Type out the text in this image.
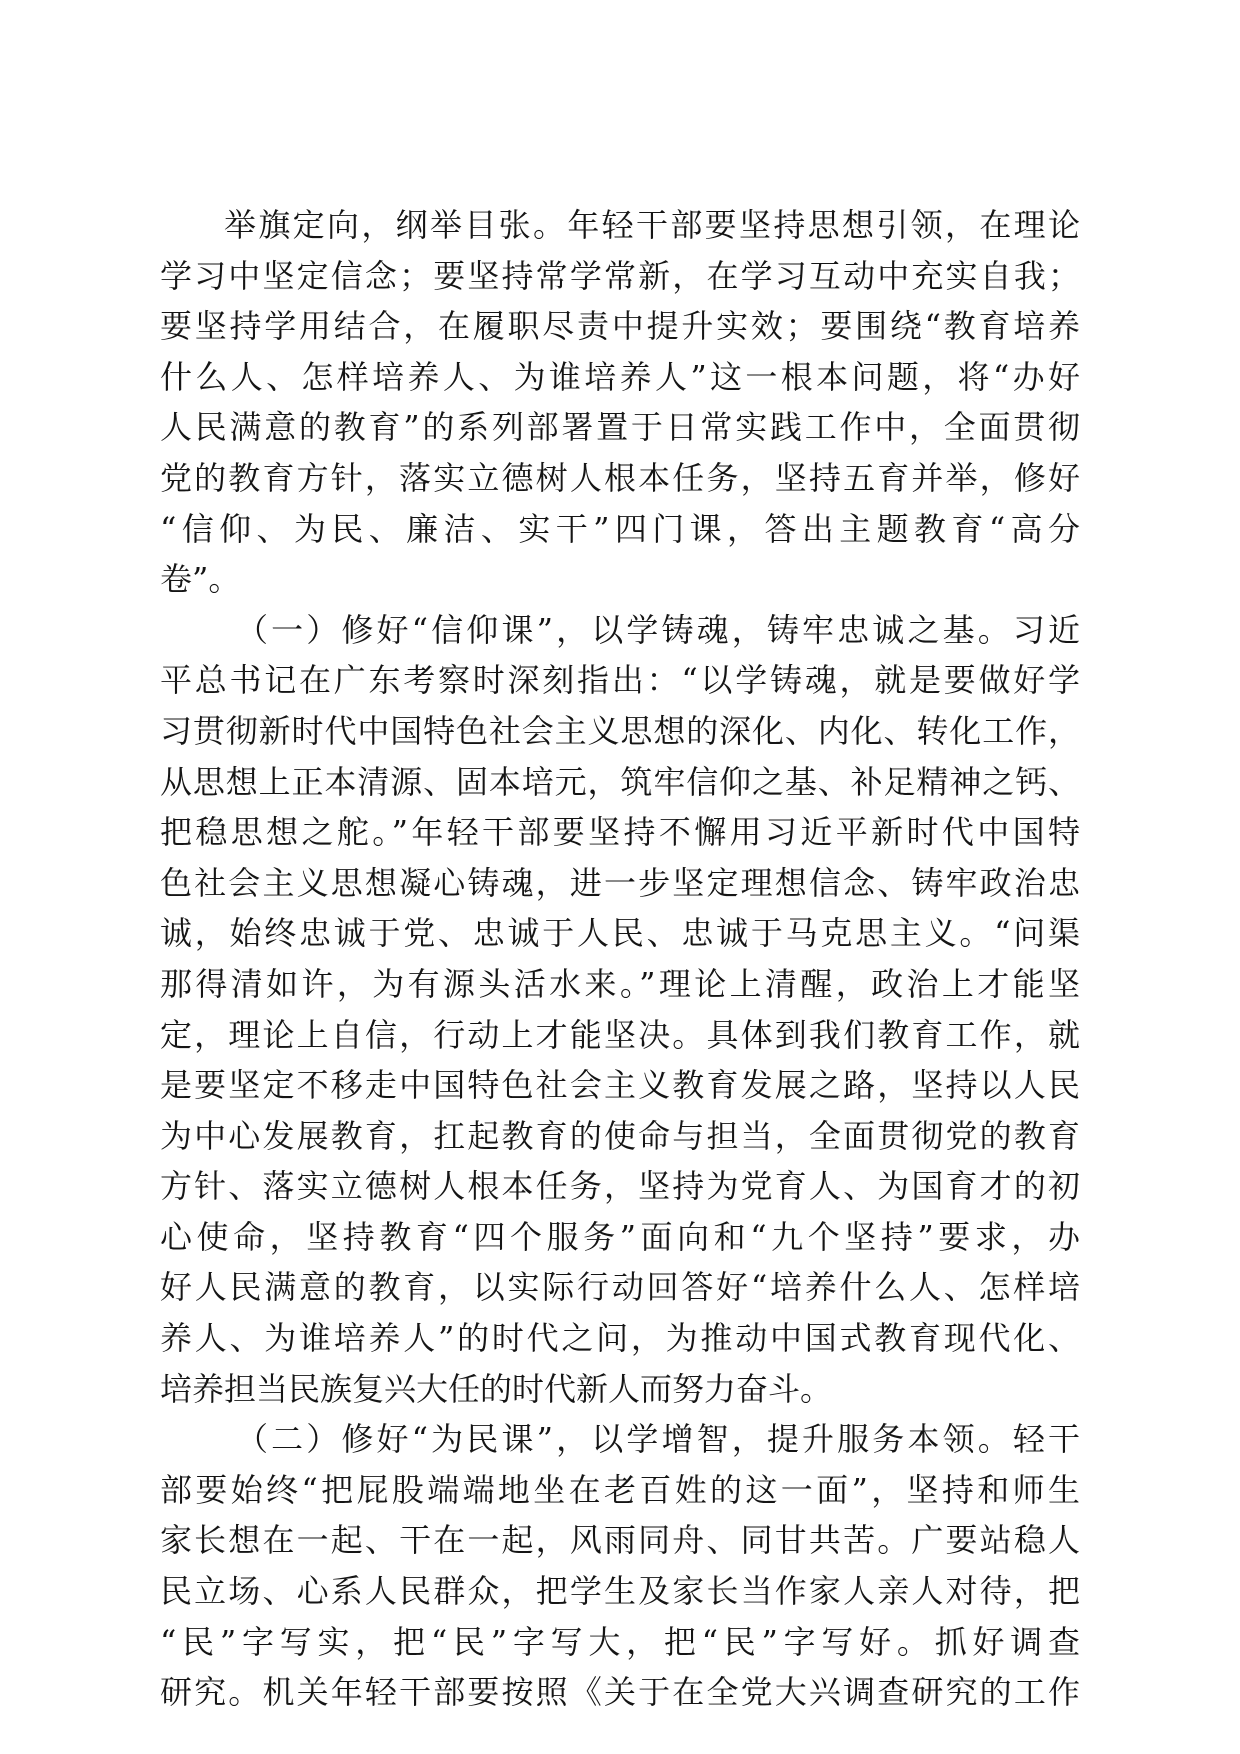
举旗定向，纲举目张。年轻干部要坚持思想引领，在理论
学习中坚定信念；要坚持常学常新，在学习互动中充实自我；
要坚持学用结合，在履职尽责中提升实效；要围绕“教育培养
什么人、怎样培养人、为谁培养人”这一根本问题，将“办好
人民满意的教育”的系列部署置于日常实践工作中，全面贯彻
党的教育方针，落实立德树人根本任务，坚持五育并举，修好
“信仰、为民、廉洁、实干”四门课，答出主题教育“高分
卷”。
（一）修好“信仰课”，以学铸魂，铸牢忠诚之基。习近
平总书记在广东考察时深刻指出：“以学铸魂，就是要做好学
习贯彻新时代中国特色社会主义思想的深化、内化、转化工作，
从思想上正本清源、固本培元，筑牢信仰之基、补足精神之钙、
把稳思想之舵。”年轻干部要坚持不懈用习近平新时代中国特
色社会主义思想凝心铸魂，进一步坚定理想信念、铸牢政治忠
诚，始终忠诚于党、忠诚于人民、忠诚于马克思主义。“问渠
那得清如许，为有源头活水来。”理论上清醒，政治上才能坚
定，理论上自信，行动上才能坚决。具体到我们教育工作，就
是要坚定不移走中国特色社会主义教育发展之路，坚持以人民
为中心发展教育，扛起教育的使命与担当，全面贯彻党的教育
方针、落实立德树人根本任务，坚持为党育人、为国育才的初
心使命，坚持教育“四个服务”面向和“九个坚持”要求，办
好人民满意的教育，以实际行动回答好“培养什么人、怎样培
养人、为谁培养人”的时代之问，为推动中国式教育现代化、
培养担当民族复兴大任的时代新人而努力奋斗。
（二）修好“为民课”，以学增智，提升服务本领。轻干
部要始终“把屁股端端地坐在老百姓的这一面”，坚持和师生
家长想在一起、干在一起，风雨同舟、同甘共苦。广要站稳人
民立场、心系人民群众，把学生及家长当作家人亲人对待，把
“民”字写实，把“民”字写大，把“民”字写好。抓好调查
研究。机关年轻干部要按照《关于在全党大兴调查研究的工作
